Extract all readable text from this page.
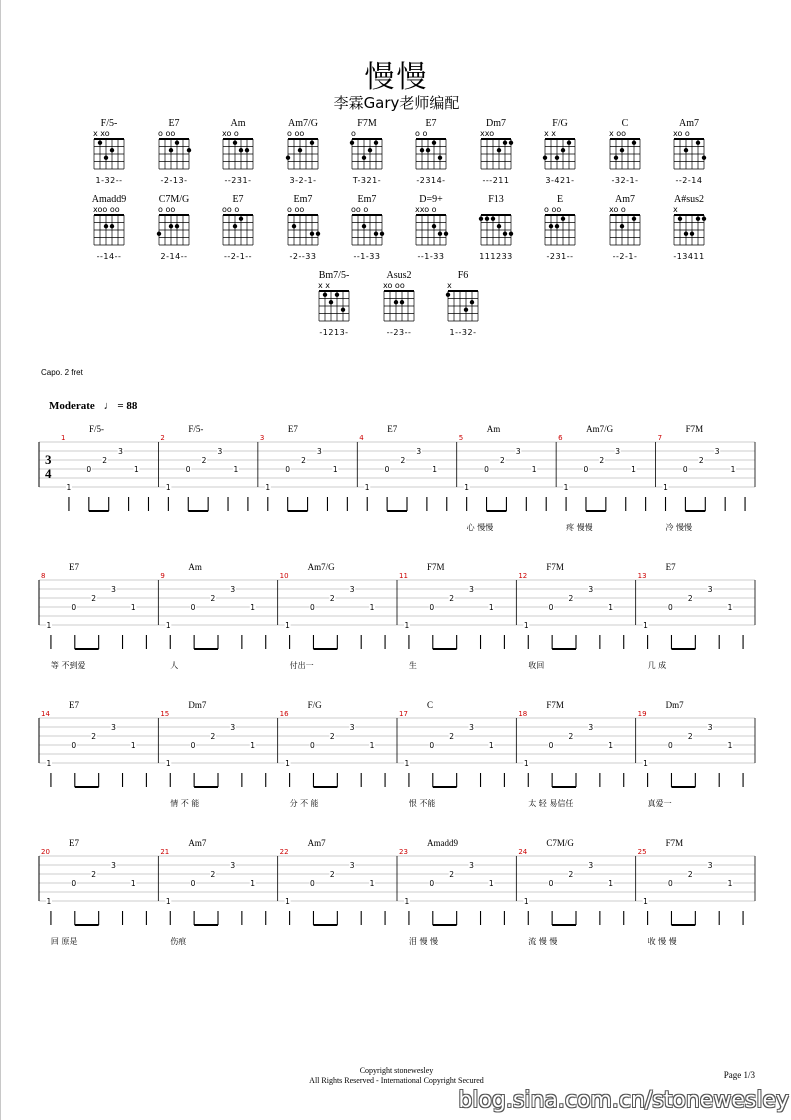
慢慢
李霖Gary老师编配
F/5-
x xo
1-32--
E7
o oo
-2-13-
Am
xo o
--231-
Am7/G
o oo
3-2-1-
F7M
o
T-321-
E7
o o
-2314-
Dm7
xxo
---211
F/G
x x
3-421-
C
x oo
-32-1-
Am7
xo o
--2-14
Amadd9
xoo oo
--14--
C7M/G
o oo
2-14--
E7
oo o
--2-1--
Em7
o oo
-2--33
Em7
oo o
--1-33
D=9+
xxo o
--1-33
F13
111233
E
o oo
-231--
Am7
xo o
--2-1-
A#sus2
x
-13411
Bm7/5-
x x
-1213-
Asus2
xo oo
--23--
F6
x
1--32-
Capo. 2 fret
Moderate ♩ = 88
3
4
1
F/5-
1
0
2
3
1
2
F/5-
1
0
2
3
1
3
E7
1
0
2
3
1
4
E7
1
0
2
3
1
5
Am
1
0
2
3
1
心 慢慢
6
Am7/G
1
0
2
3
1
疼 慢慢
7
F7M
1
0
2
3
1
冷 慢慢
8
E7
1
0
2
3
1
等 不到爱
9
Am
1
0
2
3
1
人
10
Am7/G
1
0
2
3
1
付出一
11
F7M
1
0
2
3
1
生
12
F7M
1
0
2
3
1
收回
13
E7
1
0
2
3
1
几 成
14
E7
1
0
2
3
1
15
Dm7
1
0
2
3
1
情 不 能
16
F/G
1
0
2
3
1
分 不 能
17
C
1
0
2
3
1
恨 不能
18
F7M
1
0
2
3
1
太 轻 易信任
19
Dm7
1
0
2
3
1
真爱一
20
E7
1
0
2
3
1
回 原是
21
Am7
1
0
2
3
1
伤痕
22
Am7
1
0
2
3
1
23
Amadd9
1
0
2
3
1
泪 慢 慢
24
C7M/G
1
0
2
3
1
流 慢 慢
25
F7M
1
0
2
3
1
收 慢 慢
Copyright stonewesley
All Rights Reserved - International Copyright Secured
Page 1/3
blog.sina.com.cn/stonewesley
